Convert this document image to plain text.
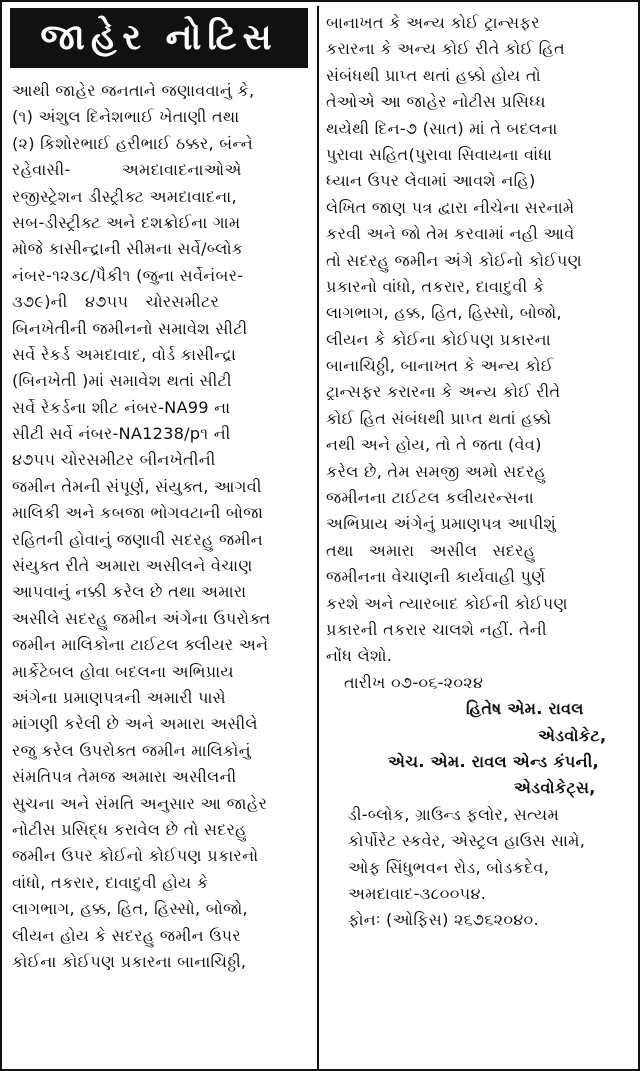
જાહેર નોટિસ
આથી જાહેર જનતાને જણાવવાનું કે,
(૧) અંશુલ દિનેશભાઈ ખેતાણી તથા
(૨) કિશોરભાઈ હરીભાઈ ઠક્કર, બંન્ને
રહેવાસી- અમદાવાદનાઓએ
રજીસ્ટ્રેશન ડીસ્ટ્રીક્ટ અમદાવાદના,
સબ-ડીસ્ટ્રીક્ટ અને દશક્રોઈના ગામ
મોજે કાસીન્દ્રાની સીમના સર્વે/બ્લોક
નંબર-૧૨૩૮/પૈકી૧ (જુના સર્વેનંબર-
૩૭૯)ની ૪૭૫૫ ચોરસમીટર
બિનખેતીની જમીનનો સમાવેશ સીટી
સર્વે રેકર્ડ અમદાવાદ, વોર્ડ કાસીન્દ્રા
(બિનખેતી )માં સમાવેશ થતાં સીટી
સર્વે રેકર્ડના શીટ નંબર-NA99 ના
સીટી સર્વે નંબર-NA1238/p૧ ની
૪૭૫૫ ચોરસમીટર બીનખેતીની
જમીન તેમની સંપૂર્ણ, સંયુક્ત, આગવી
માલિકી અને કબજા ભોગવટાની બોજા
રહિતની હોવાનું જણાવી સદરહુ જમીન
સંયુક્ત રીતે અમારા અસીલને વેચાણ
આપવાનું નક્કી કરેલ છે તથા અમારા
અસીલે સદરહુ જમીન અંગેના ઉપરોક્ત
જમીન માલિકોના ટાઈટલ ક્લીયર અને
માર્કેટેબલ હોવા બદલના અભિપ્રાય
અંગેના પ્રમાણપત્રની અમારી પાસે
માંગણી કરેલી છે અને અમારા અસીલે
રજુ કરેલ ઉપરોક્ત જમીન માલિકોનું
સંમતિપત્ર તેમજ અમારા અસીલની
સુચના અને સંમતિ અનુસાર આ જાહેર
નોટીસ પ્રસિદ્ધ કરાવેલ છે તો સદરહુ
જમીન ઉપર કોઈનો કોઈપણ પ્રકારનો
વાંધો, તકરાર, દાવાદુવી હોય કે
લાગભાગ, હક્ક, હિત, હિસ્સો, બોજો,
લીયન હોય કે સદરહુ જમીન ઉપર
કોઈના કોઈપણ પ્રકારના બાનાચિઠ્ઠી,
બાનાખત કે અન્ય કોઈ ટ્રાન્સફર
કરારના કે અન્ય કોઈ રીતે કોઈ હિત
સંબંધથી પ્રાપ્ત થતાં હક્કો હોય તો
તેઓએ આ જાહેર નોટીસ પ્રસિધ્ધ
થયેથી દિન-૭ (સાત) માં તે બદલના
પુરાવા સહિત(પુરાવા સિવાયના વાંધા
ધ્યાન ઉપર લેવામાં આવશે નહિ)
લેખિત જાણ પત્ર દ્વારા નીચેના સરનામે
કરવી અને જો તેમ કરવામાં નહી આવે
તો સદરહુ જમીન અંગે કોઈનો કોઈપણ
પ્રકારનો વાંધો, તકરાર, દાવાદુવી કે
લાગભાગ, હક્ક, હિત, હિસ્સો, બોજો,
લીયન કે કોઈના કોઈપણ પ્રકારના
બાનાચિઠ્ઠી, બાનાખત કે અન્ય કોઈ
ટ્રાન્સફર કરારના કે અન્ય કોઈ રીતે
કોઈ હિત સંબંધથી પ્રાપ્ત થતાં હક્કો
નથી અને હોય, તો તે જતા (વેવ)
કરેલ છે, તેમ સમજી અમો સદરહુ
જમીનના ટાઈટલ કલીયરન્સના
અભિપ્રાય અંગેનું પ્રમાણપત્ર આપીશું
તથા અમારા અસીલ સદરહુ
જમીનના વેચાણની કાર્યવાહી પુર્ણ
કરશે અને ત્યારબાદ કોઈની કોઈપણ
પ્રકારની તકરાર ચાલશે નહીં. તેની
નોંધ લેશો.
તારીખ ૦૭-૦૬-૨૦૨૪
હિતેષ એમ. રાવલ
એડવોકેટ,
એચ. એમ. રાવલ એન્ડ કંપની,
એડવોકેટ્સ,
ડી-બ્લોક, ગ્રાઉન્ડ ફલોર, સત્યમ
કોર્પોરેટ સ્કવેર, એસ્ટ્રલ હાઉસ સામે,
ઓફ સિંધુભવન રોડ, બોડકદેવ,
અમદાવાદ-૩૮૦૦૫૪.
ફોનઃ (ઓફિસ) ૨૬૭૬૨૦૪૦.
